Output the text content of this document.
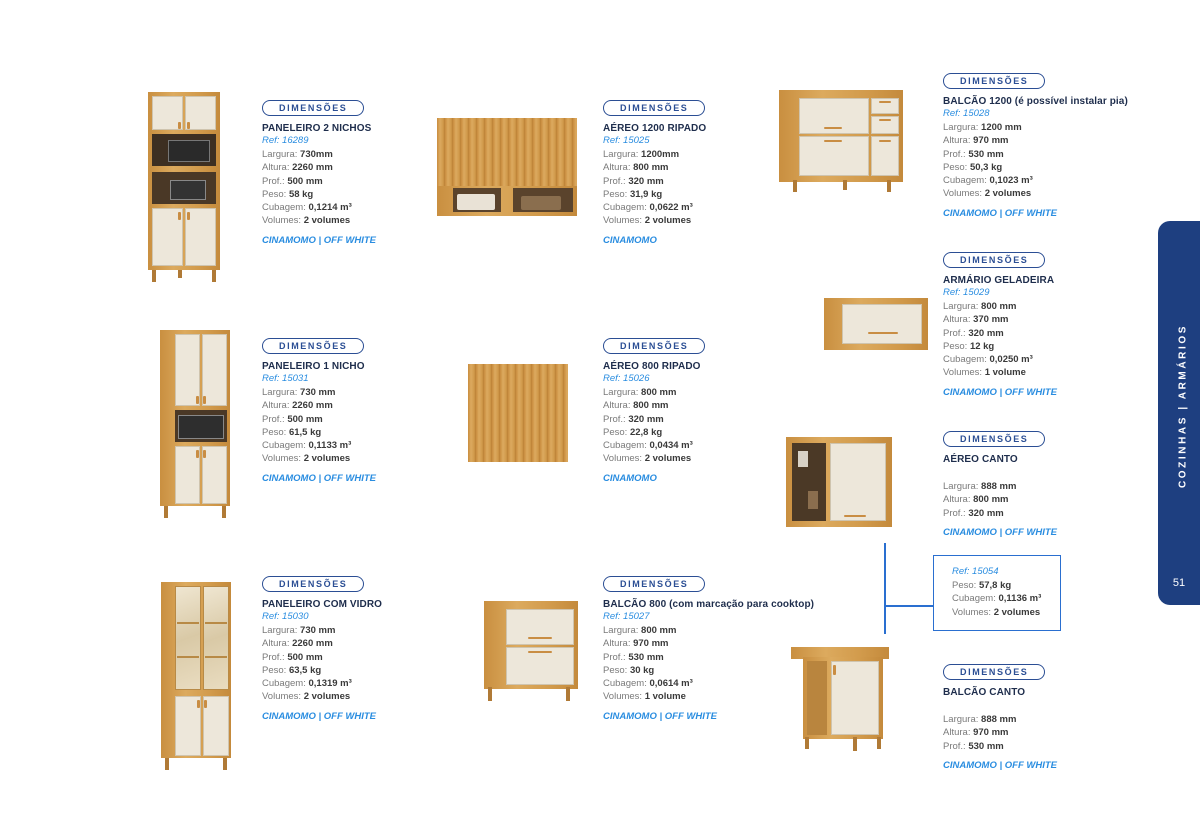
DIMENSÕES
PANELEIRO 2 NICHOS
Ref: 16289
Largura: 730mm
Altura: 2260 mm
Prof.: 500 mm
Peso: 58 kg
Cubagem: 0,1214 m³
Volumes: 2 volumes
CINAMOMO | OFF WHITE
DIMENSÕES
AÉREO 1200 RIPADO
Ref: 15025
Largura: 1200mm
Altura: 800 mm
Prof.: 320 mm
Peso: 31,9 kg
Cubagem: 0,0622 m³
Volumes: 2 volumes
CINAMOMO
DIMENSÕES
BALCÃO 1200 (é possível instalar pia)
Ref: 15028
Largura: 1200 mm
Altura: 970 mm
Prof.: 530 mm
Peso: 50,3 kg
Cubagem: 0,1023 m³
Volumes: 2 volumes
CINAMOMO | OFF WHITE
DIMENSÕES
ARMÁRIO GELADEIRA
Ref: 15029
Largura: 800 mm
Altura: 370 mm
Prof.: 320 mm
Peso: 12 kg
Cubagem: 0,0250 m³
Volumes: 1 volume
CINAMOMO | OFF WHITE
DIMENSÕES
PANELEIRO 1 NICHO
Ref: 15031
Largura: 730 mm
Altura: 2260 mm
Prof.: 500 mm
Peso: 61,5 kg
Cubagem: 0,1133 m³
Volumes: 2 volumes
CINAMOMO | OFF WHITE
DIMENSÕES
AÉREO 800 RIPADO
Ref: 15026
Largura: 800 mm
Altura: 800 mm
Prof.: 320 mm
Peso: 22,8 kg
Cubagem: 0,0434 m³
Volumes: 2 volumes
CINAMOMO
DIMENSÕES
AÉREO CANTO
Largura: 888 mm
Altura: 800 mm
Prof.: 320 mm
CINAMOMO | OFF WHITE
DIMENSÕES
PANELEIRO COM VIDRO
Ref: 15030
Largura: 730 mm
Altura: 2260 mm
Prof.: 500 mm
Peso: 63,5 kg
Cubagem: 0,1319 m³
Volumes: 2 volumes
CINAMOMO | OFF WHITE
DIMENSÕES
BALCÃO 800 (com marcação para cooktop)
Ref: 15027
Largura: 800 mm
Altura: 970 mm
Prof.: 530 mm
Peso: 30 kg
Cubagem: 0,0614 m³
Volumes: 1 volume
CINAMOMO | OFF WHITE
DIMENSÕES
BALCÃO CANTO
Largura: 888 mm
Altura: 970 mm
Prof.: 530 mm
CINAMOMO | OFF WHITE
Ref: 15054
Peso: 57,8 kg
Cubagem: 0,1136 m³
Volumes: 2 volumes
COZINHAS | ARMÁRIOS
51
